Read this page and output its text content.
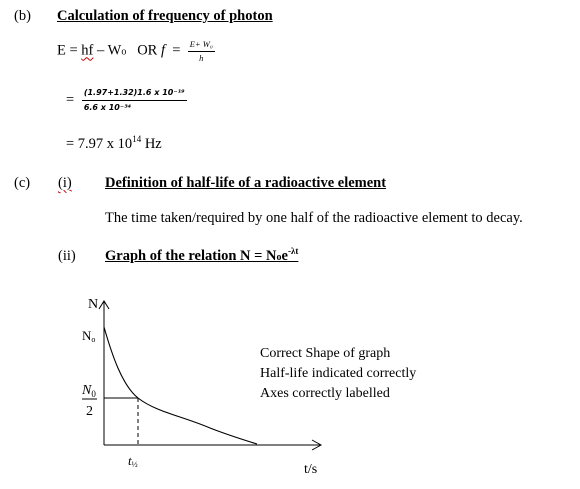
(b) Calculation of frequency of photon
E = hf – Wo   OR $f = \frac{\text{E+ W₀}}{h}$
= $\frac{\text{(1.97+1.32)1.6 x 10⁻¹⁹}}{\text{6.6 x 10⁻³⁴}}$
= 7.97 x $10^{14}$ Hz
(c) (i) Definition of half-life of a radioactive element
The time taken/required by one half of the radioactive element to decay.
(ii) Graph of the relation N = Noe$^{-\lambda t}$
N
No
$N_0$
2
t½	t/s
Correct Shape of graph
Half-life indicated correctly
Axes correctly labelled
